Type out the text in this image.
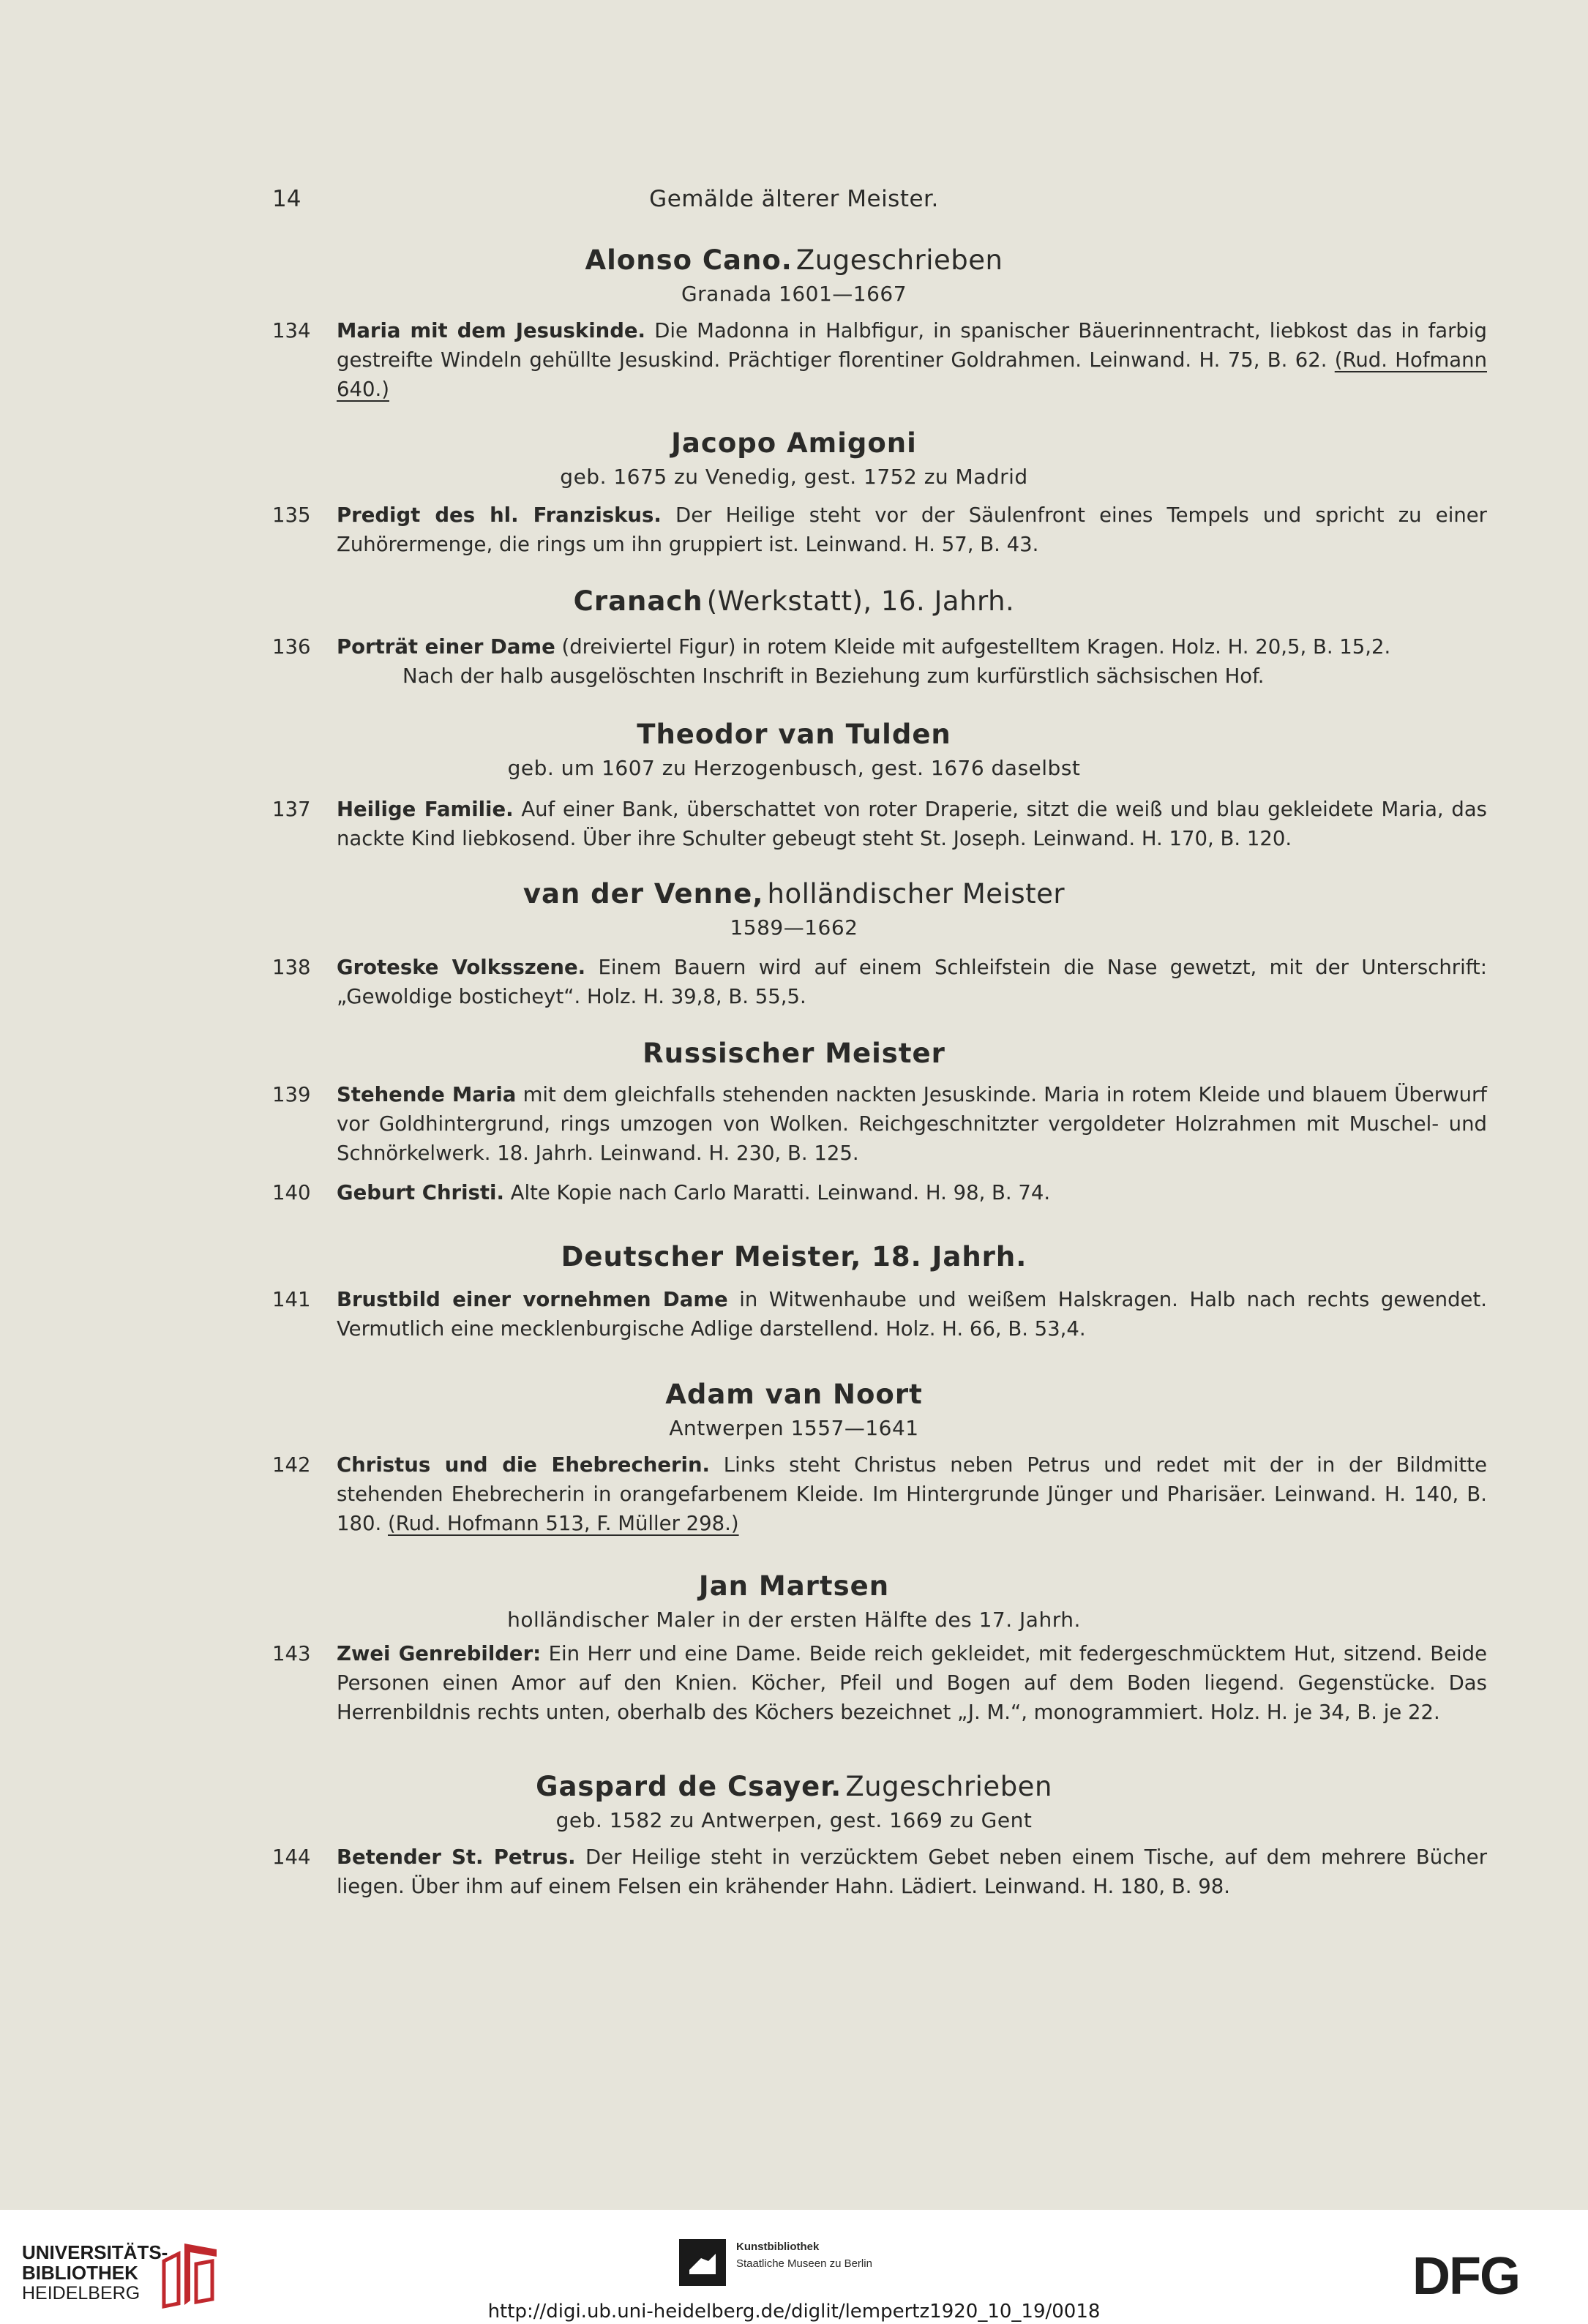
14	Gemälde älterer Meister.
Alonso Cano. Zugeschrieben
Granada 1601—1667
134 Maria mit dem Jesuskinde. Die Madonna in Halbfigur, in spanischer Bäuerinnentracht, liebkost das in farbig gestreifte Windeln gehüllte Jesuskind. Prächtiger florentiner Goldrahmen. Leinwand. H. 75, B. 62. (Rud. Hofmann 640.)
Jacopo Amigoni
geb. 1675 zu Venedig, gest. 1752 zu Madrid
135 Predigt des hl. Franziskus. Der Heilige steht vor der Säulenfront eines Tempels und spricht zu einer Zuhörermenge, die rings um ihn gruppiert ist. Leinwand. H. 57, B. 43.
Cranach (Werkstatt), 16. Jahrh.
136 Porträt einer Dame (dreiviertel Figur) in rotem Kleide mit aufgestelltem Kragen. Holz. H. 20,5, B. 15,2.
Nach der halb ausgelöschten Inschrift in Beziehung zum kurfürstlich sächsischen Hof.
Theodor van Tulden
geb. um 1607 zu Herzogenbusch, gest. 1676 daselbst
137 Heilige Familie. Auf einer Bank, überschattet von roter Draperie, sitzt die weiß und blau gekleidete Maria, das nackte Kind liebkosend. Über ihre Schulter gebeugt steht St. Joseph. Leinwand. H. 170, B. 120.
van der Venne, holländischer Meister
1589—1662
138 Groteske Volksszene. Einem Bauern wird auf einem Schleifstein die Nase gewetzt, mit der Unterschrift: „Gewoldige bosticheyt“. Holz. H. 39,8, B. 55,5.
Russischer Meister
139 Stehende Maria mit dem gleichfalls stehenden nackten Jesuskinde. Maria in rotem Kleide und blauem Überwurf vor Goldhintergrund, rings umzogen von Wolken. Reichgeschnitzter vergoldeter Holzrahmen mit Muschel- und Schnörkelwerk. 18. Jahrh. Leinwand. H. 230, B. 125.
140 Geburt Christi. Alte Kopie nach Carlo Maratti. Leinwand. H. 98, B. 74.
Deutscher Meister, 18. Jahrh.
141 Brustbild einer vornehmen Dame in Witwenhaube und weißem Halskragen. Halb nach rechts gewendet. Vermutlich eine mecklenburgische Adlige darstellend. Holz. H. 66, B. 53,4.
Adam van Noort
Antwerpen 1557—1641
142 Christus und die Ehebrecherin. Links steht Christus neben Petrus und redet mit der in der Bildmitte stehenden Ehebrecherin in orangefarbenem Kleide. Im Hintergrunde Jünger und Pharisäer. Leinwand. H. 140, B. 180. (Rud. Hofmann 513, F. Müller 298.)
Jan Martsen
holländischer Maler in der ersten Hälfte des 17. Jahrh.
143 Zwei Genrebilder: Ein Herr und eine Dame. Beide reich gekleidet, mit federgeschmücktem Hut, sitzend. Beide Personen einen Amor auf den Knien. Köcher, Pfeil und Bogen auf dem Boden liegend. Gegenstücke. Das Herrenbildnis rechts unten, oberhalb des Köchers bezeichnet „J. M.“, monogrammiert. Holz. H. je 34, B. je 22.
Gaspard de Csayer. Zugeschrieben
geb. 1582 zu Antwerpen, gest. 1669 zu Gent
144 Betender St. Petrus. Der Heilige steht in verzücktem Gebet neben einem Tische, auf dem mehrere Bücher liegen. Über ihm auf einem Felsen ein krähender Hahn. Lädiert. Leinwand. H. 180, B. 98.
UNIVERSITÄTS-
BIBLIOTHEK
HEIDELBERG
Kunstbibliothek
Staatliche Museen zu Berlin	DFG
http://digi.ub.uni-heidelberg.de/diglit/lempertz1920_10_19/0018
